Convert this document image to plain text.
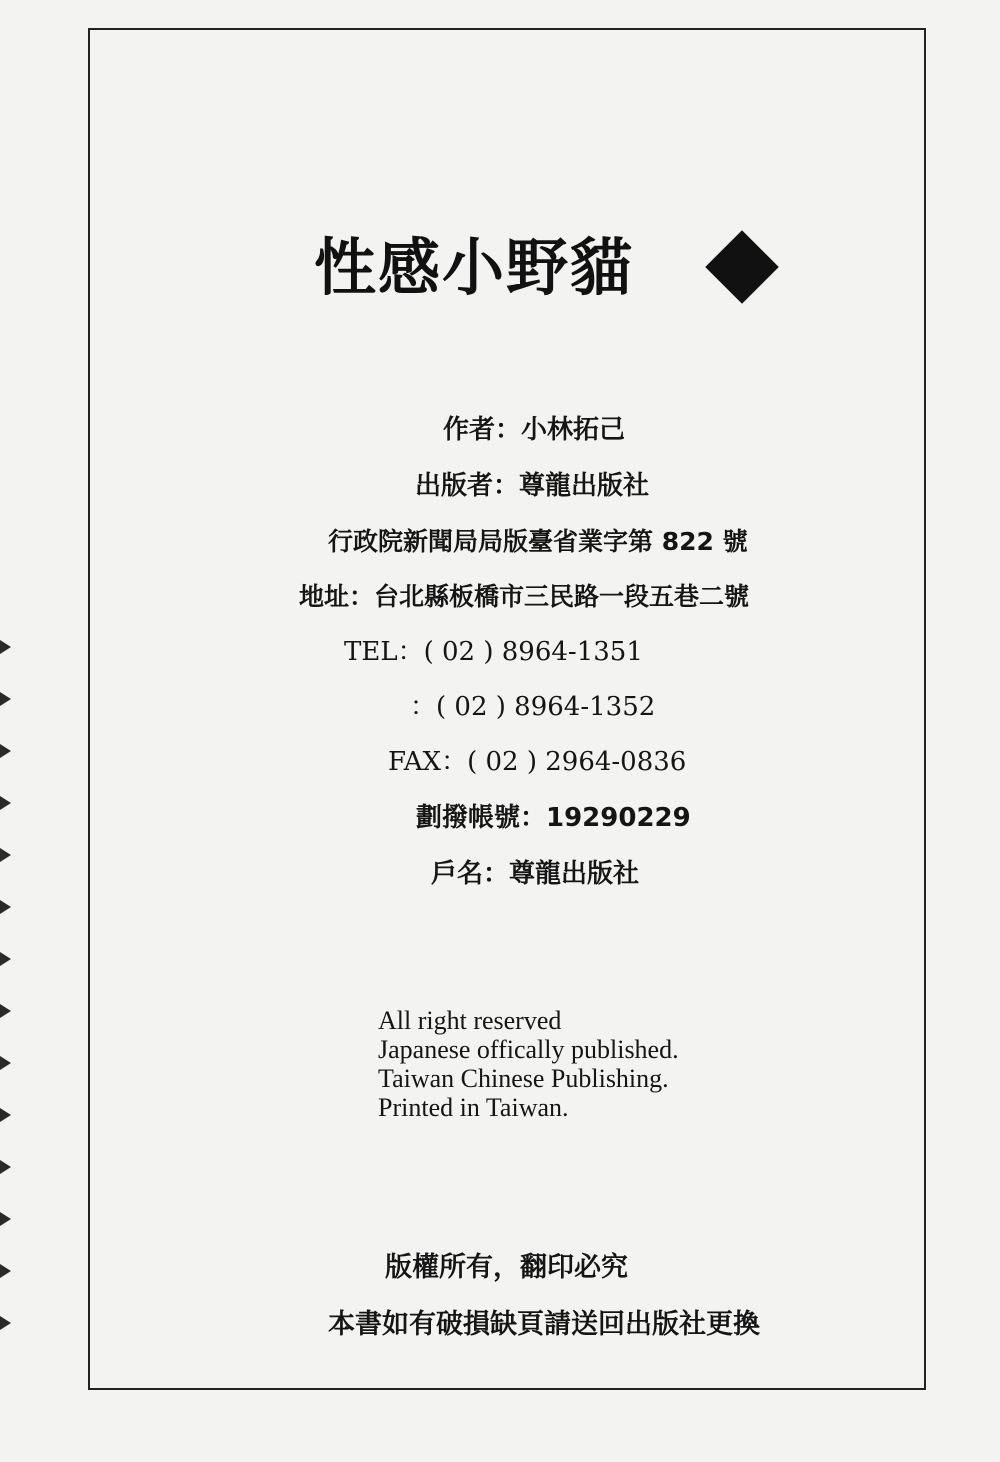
性感小野貓
作者：小林拓己
出版者：尊龍出版社
行政院新聞局局版臺省業字第 822 號
地址：台北縣板橋市三民路一段五巷二號
TEL：( 02 ) 8964-1351
：( 02 ) 8964-1352
FAX：( 02 ) 2964-0836
劃撥帳號：19290229
戶名：尊龍出版社
All right reserved
Japanese offically published.
Taiwan Chinese Publishing.
Printed in Taiwan.
版權所有，翻印必究
本書如有破損缺頁請送回出版社更換
